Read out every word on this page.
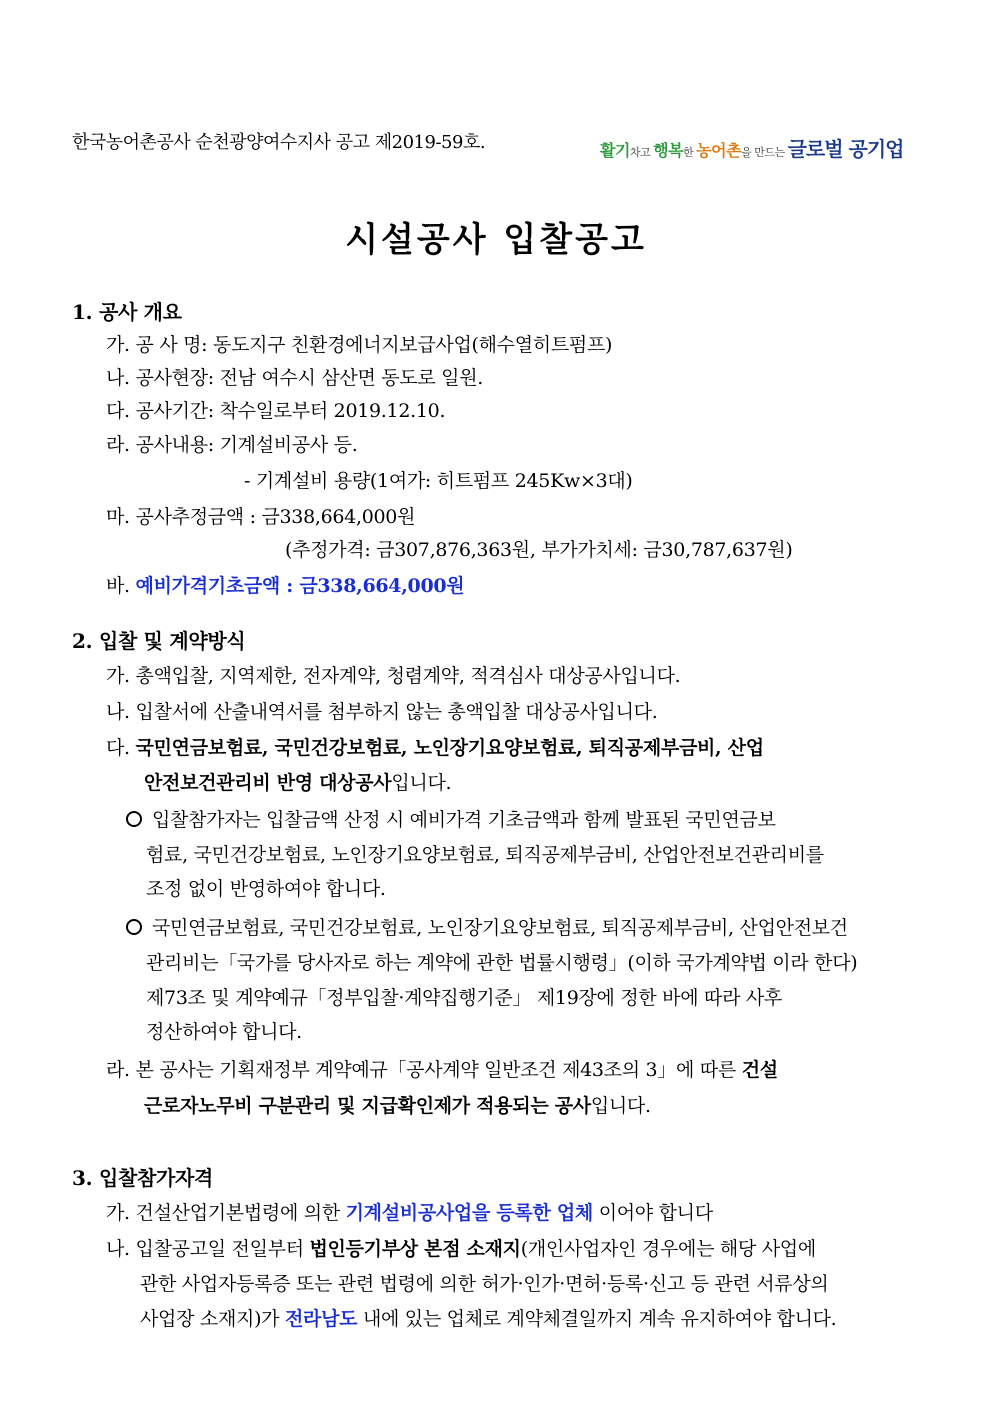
한국농어촌공사 순천광양여수지사 공고 제2019-59호.	활기차고 행복한 농어촌을 만드는 글로벌 공기업
시설공사 입찰공고
1. 공사 개요
가. 공 사 명: 동도지구 친환경에너지보급사업(해수열히트펌프)
나. 공사현장: 전남 여수시 삼산면 동도로 일원.
다. 공사기간: 착수일로부터 2019.12.10.
라. 공사내용: 기계설비공사 등.
- 기계설비 용량(1여가: 히트펌프 245Kw×3대)
마. 공사추정금액 : 금338,664,000원
(추정가격: 금307,876,363원, 부가가치세: 금30,787,637원)
바. 예비가격기초금액 : 금338,664,000원
2. 입찰 및 계약방식
가. 총액입찰, 지역제한, 전자계약, 청렴계약, 적격심사 대상공사입니다.
나. 입찰서에 산출내역서를 첨부하지 않는 총액입찰 대상공사입니다.
다. 국민연금보험료, 국민건강보험료, 노인장기요양보험료, 퇴직공제부금비, 산업
안전보건관리비 반영 대상공사입니다.
입찰참가자는 입찰금액 산정 시 예비가격 기초금액과 함께 발표된 국민연금보
험료, 국민건강보험료, 노인장기요양보험료, 퇴직공제부금비, 산업안전보건관리비를
조정 없이 반영하여야 합니다.
국민연금보험료, 국민건강보험료, 노인장기요양보험료, 퇴직공제부금비, 산업안전보건
관리비는「국가를 당사자로 하는 계약에 관한 법률시행령」(이하 국가계약법 이라 한다)
제73조 및 계약예규「정부입찰·계약집행기준」 제19장에 정한 바에 따라 사후
정산하여야 합니다.
라. 본 공사는 기획재정부 계약예규「공사계약 일반조건 제43조의 3」에 따른 건설
근로자노무비 구분관리 및 지급확인제가 적용되는 공사입니다.
3. 입찰참가자격
가. 건설산업기본법령에 의한 기계설비공사업을 등록한 업체 이어야 합니다
나. 입찰공고일 전일부터 법인등기부상 본점 소재지(개인사업자인 경우에는 해당 사업에
관한 사업자등록증 또는 관련 법령에 의한 허가·인가·면허·등록·신고 등 관련 서류상의
사업장 소재지)가 전라남도 내에 있는 업체로 계약체결일까지 계속 유지하여야 합니다.
